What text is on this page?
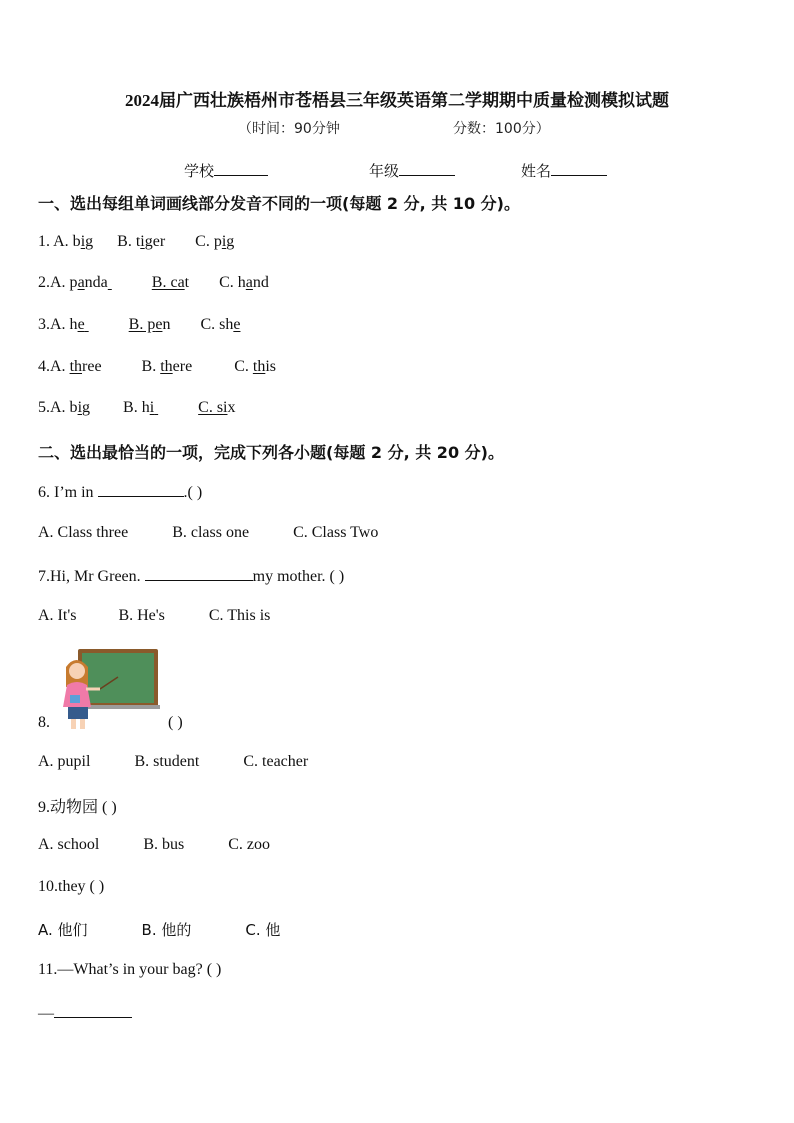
2024届广西壮族梧州市苍梧县三年级英语第二学期期中质量检测模拟试题
（时间：90分钟	分数：100分）
学校	年级	姓名
一、选出每组单词画线部分发音不同的一项(每题 2 分, 共 10 分)。
1. A. big B. tiger C. pig
2.A. panda	B. cat C. hand
3.A. he	B. pen C. she
4.A. three	B. there	C. this
5.A. big B. hi	C. six
二、选出最恰当的一项，完成下列各小题(每题 2 分, 共 20 分)。
6. I’m in	.( )
A. Class three	B. class one	C. Class Two
7.Hi, Mr Green.	my mother. ( )
A. It's	B. He's	C. This is
8.	( )
A. pupil	B. student	C. teacher
9.动物园 ( )
A. school	B. bus	C. zoo
10.they ( )
A. 他们	B. 他的	C. 他
11.—What’s in your bag? ( )
—
